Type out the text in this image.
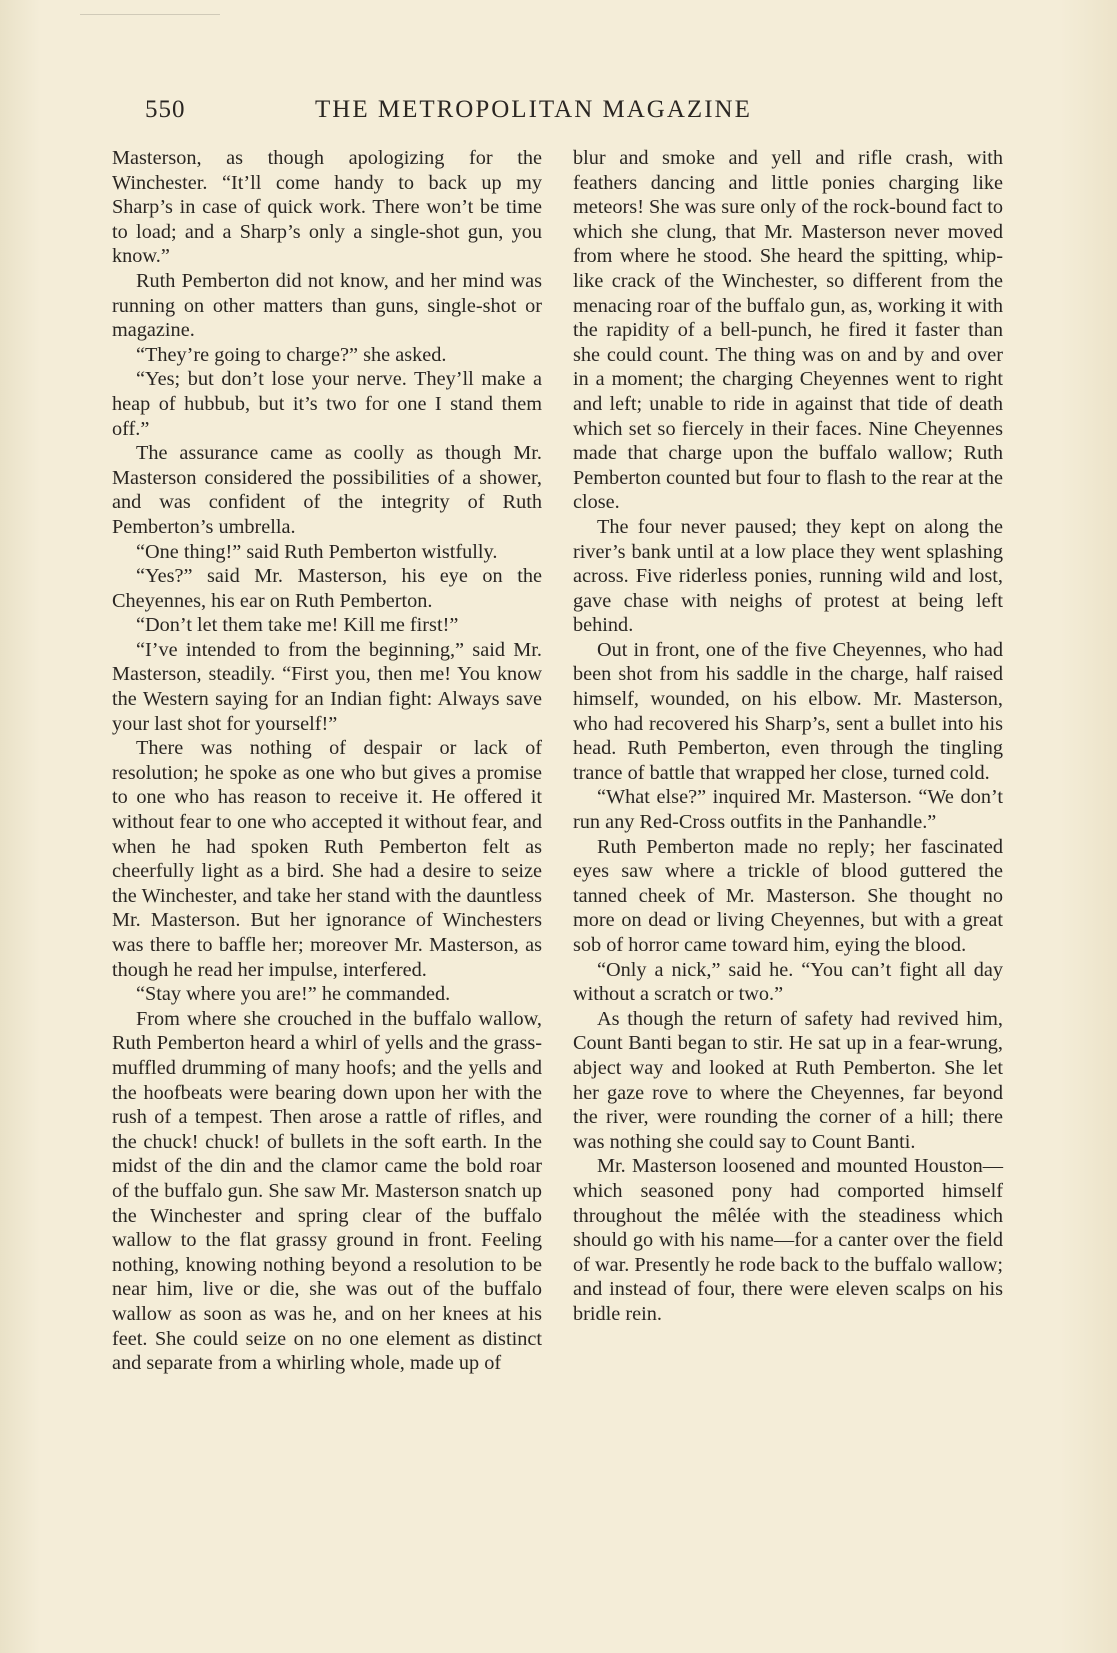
550	THE METROPOLITAN MAGAZINE

Masterson, as though apologizing for the Winchester. “It’ll come handy to back up my Sharp’s in case of quick work. There won’t be time to load; and a Sharp’s only a single-shot gun, you know.”

Ruth Pemberton did not know, and her mind was running on other matters than guns, single-shot or magazine.

“They’re going to charge?” she asked.

“Yes; but don’t lose your nerve. They’ll make a heap of hubbub, but it’s two for one I stand them off.”

The assurance came as coolly as though Mr. Masterson considered the possibilities of a shower, and was confident of the integrity of Ruth Pemberton’s umbrella.

“One thing!” said Ruth Pemberton wistfully.

“Yes?” said Mr. Masterson, his eye on the Cheyennes, his ear on Ruth Pemberton.

“Don’t let them take me! Kill me first!”

“I’ve intended to from the beginning,” said Mr. Masterson, steadily. “First you, then me! You know the Western saying for an Indian fight: Always save your last shot for yourself!”

There was nothing of despair or lack of resolution; he spoke as one who but gives a promise to one who has reason to receive it. He offered it without fear to one who accepted it without fear, and when he had spoken Ruth Pemberton felt as cheerfully light as a bird. She had a desire to seize the Winchester, and take her stand with the dauntless Mr. Masterson. But her ignorance of Winchesters was there to baffle her; moreover Mr. Masterson, as though he read her impulse, interfered.

“Stay where you are!” he commanded.

From where she crouched in the buffalo wallow, Ruth Pemberton heard a whirl of yells and the grass-muffled drumming of many hoofs; and the yells and the hoofbeats were bearing down upon her with the rush of a tempest. Then arose a rattle of rifles, and the chuck! chuck! of bullets in the soft earth. In the midst of the din and the clamor came the bold roar of the buffalo gun. She saw Mr. Masterson snatch up the Winchester and spring clear of the buffalo wallow to the flat grassy ground in front. Feeling nothing, knowing nothing beyond a resolution to be near him, live or die, she was out of the buffalo wallow as soon as was he, and on her knees at his feet. She could seize on no one element as distinct and separate from a whirling whole, made up of

blur and smoke and yell and rifle crash, with feathers dancing and little ponies charging like meteors! She was sure only of the rock-bound fact to which she clung, that Mr. Masterson never moved from where he stood. She heard the spitting, whip-like crack of the Winchester, so different from the menacing roar of the buffalo gun, as, working it with the rapidity of a bell-punch, he fired it faster than she could count. The thing was on and by and over in a moment; the charging Cheyennes went to right and left; unable to ride in against that tide of death which set so fiercely in their faces. Nine Cheyennes made that charge upon the buffalo wallow; Ruth Pemberton counted but four to flash to the rear at the close.

The four never paused; they kept on along the river’s bank until at a low place they went splashing across. Five riderless ponies, running wild and lost, gave chase with neighs of protest at being left behind.

Out in front, one of the five Cheyennes, who had been shot from his saddle in the charge, half raised himself, wounded, on his elbow. Mr. Masterson, who had recovered his Sharp’s, sent a bullet into his head. Ruth Pemberton, even through the tingling trance of battle that wrapped her close, turned cold.

“What else?” inquired Mr. Masterson. “We don’t run any Red-Cross outfits in the Panhandle.”

Ruth Pemberton made no reply; her fascinated eyes saw where a trickle of blood guttered the tanned cheek of Mr. Masterson. She thought no more on dead or living Cheyennes, but with a great sob of horror came toward him, eying the blood.

“Only a nick,” said he. “You can’t fight all day without a scratch or two.”

As though the return of safety had revived him, Count Banti began to stir. He sat up in a fear-wrung, abject way and looked at Ruth Pemberton. She let her gaze rove to where the Cheyennes, far beyond the river, were rounding the corner of a hill; there was nothing she could say to Count Banti.

Mr. Masterson loosened and mounted Houston—which seasoned pony had comported himself throughout the mêlée with the steadiness which should go with his name—for a canter over the field of war. Presently he rode back to the buffalo wallow; and instead of four, there were eleven scalps on his bridle rein.
